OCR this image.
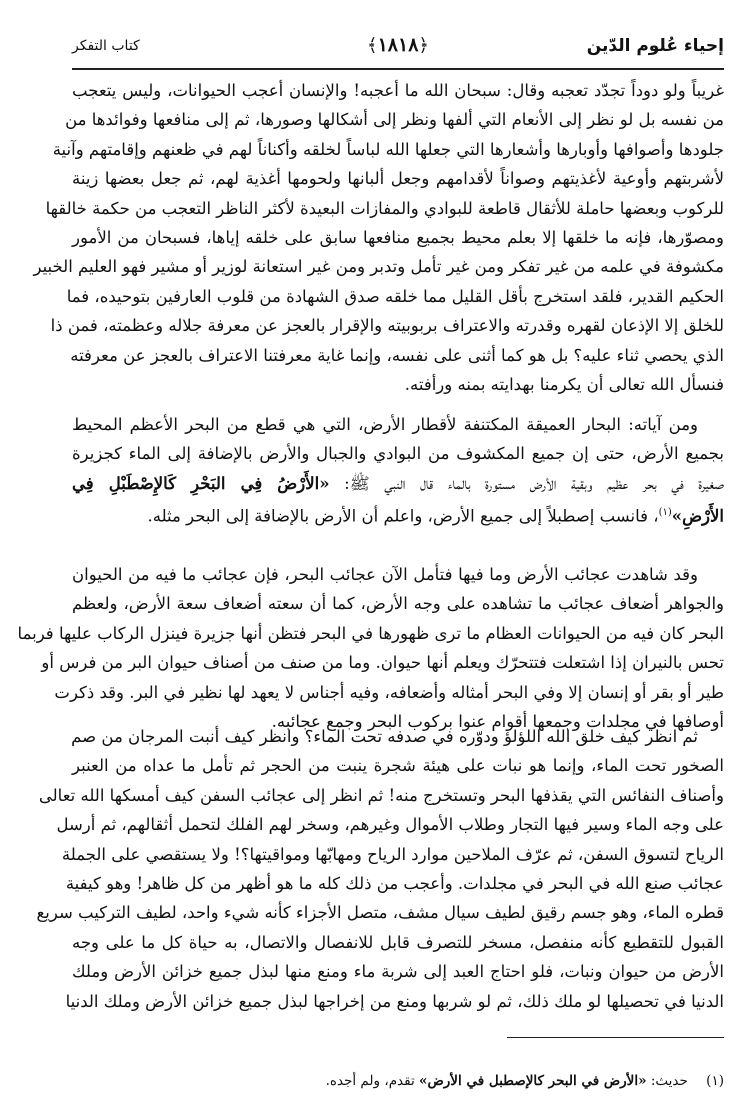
إحياء عُلوم الدّين
﴿١٨١٨﴾
كتاب التفكر
غريباً ولو دوداً تجدّد تعجبه وقال: سبحان الله ما أعجبه! والإنسان أعجب الحيوانات، وليس يتعجب
من نفسه بل لو نظر إلى الأنعام التي ألفها ونظر إلى أشكالها وصورها، ثم إلى منافعها وفوائدها من
جلودها وأصوافها وأوبارها وأشعارها التي جعلها الله لباساً لخلقه وأكناناً لهم في ظعنهم وإقامتهم وآنية
لأشربتهم وأوعية لأغذيتهم وصواناً لأقدامهم وجعل ألبانها ولحومها أغذية لهم، ثم جعل بعضها زينة
للركوب وبعضها حاملة للأثقال قاطعة للبوادي والمفازات البعيدة لأكثر الناظر التعجب من حكمة خالقها
ومصوّرها، فإنه ما خلقها إلا بعلم محيط بجميع منافعها سابق على خلقه إياها، فسبحان من الأمور
مكشوفة في علمه من غير تفكر ومن غير تأمل وتدبر ومن غير استعانة لوزير أو مشير فهو العليم الخبير
الحكيم القدير، فلقد استخرج بأقل القليل مما خلقه صدق الشهادة من قلوب العارفين بتوحيده، فما
للخلق إلا الإذعان لقهره وقدرته والاعتراف بربوبيته والإقرار بالعجز عن معرفة جلاله وعظمته، فمن ذا
الذي يحصي ثناء عليه؟ بل هو كما أثنى على نفسه، وإنما غاية معرفتنا الاعتراف بالعجز عن معرفته
فنسأل الله تعالى أن يكرمنا بهدايته بمنه ورأفته.
ومن آياته: البحار العميقة المكتنفة لأقطار الأرض، التي هي قطع من البحر الأعظم المحيط
بجميع الأرض، حتى إن جميع المكشوف من البوادي والجبال والأرض بالإضافة إلى الماء كجزيرة
صغيرة في بحر عظيم وبقية الأرض مستورة بالماء قال النبي ﷺ: «الأَرْضُ فِي البَحْرِ كَالإِصْطَبْلِ فِي
الأَرْضِ»$^{(١)}$، فانسب إصطبلاً إلى جميع الأرض، واعلم أن الأرض بالإضافة إلى البحر مثله.
وقد شاهدت عجائب الأرض وما فيها فتأمل الآن عجائب البحر، فإن عجائب ما فيه من الحيوان
والجواهر أضعاف عجائب ما تشاهده على وجه الأرض، كما أن سعته أضعاف سعة الأرض، ولعظم
البحر كان فيه من الحيوانات العظام ما ترى ظهورها في البحر فتظن أنها جزيرة فينزل الركاب عليها فربما
تحس بالنيران إذا اشتعلت فتتحرّك ويعلم أنها حيوان. وما من صنف من أصناف حيوان البر من فرس أو
طير أو بقر أو إنسان إلا وفي البحر أمثاله وأضعافه، وفيه أجناس لا يعهد لها نظير في البر. وقد ذكرت
أوصافها في مجلدات وجمعها أقوام عنوا بركوب البحر وجمع عجائبه.
ثم انظر كيف خلق الله اللؤلؤ ودوّره في صدفه تحت الماء؟ وانظر كيف أنبت المرجان من صم
الصخور تحت الماء، وإنما هو نبات على هيئة شجرة ينبت من الحجر ثم تأمل ما عداه من العنبر
وأصناف النفائس التي يقذفها البحر وتستخرج منه! ثم انظر إلى عجائب السفن كيف أمسكها الله تعالى
على وجه الماء وسير فيها التجار وطلاب الأموال وغيرهم، وسخر لهم الفلك لتحمل أثقالهم، ثم أرسل
الرياح لتسوق السفن، ثم عرّف الملاحين موارد الرياح ومهابّها ومواقيتها؟! ولا يستقصي على الجملة
عجائب صنع الله في البحر في مجلدات. وأعجب من ذلك كله ما هو أظهر من كل ظاهر! وهو كيفية
قطره الماء، وهو جسم رقيق لطيف سيال مشف، متصل الأجزاء كأنه شيء واحد، لطيف التركيب سريع
القبول للتقطيع كأنه منفصل، مسخر للتصرف قابل للانفصال والاتصال، به حياة كل ما على وجه
الأرض من حيوان ونبات، فلو احتاج العبد إلى شربة ماء ومنع منها لبذل جميع خزائن الأرض وملك
الدنيا في تحصيلها لو ملك ذلك، ثم لو شربها ومنع من إخراجها لبذل جميع خزائن الأرض وملك الدنيا
(١) حديث: «الأرض في البحر كالإصطبل في الأرض» تقدم، ولم أجده.
